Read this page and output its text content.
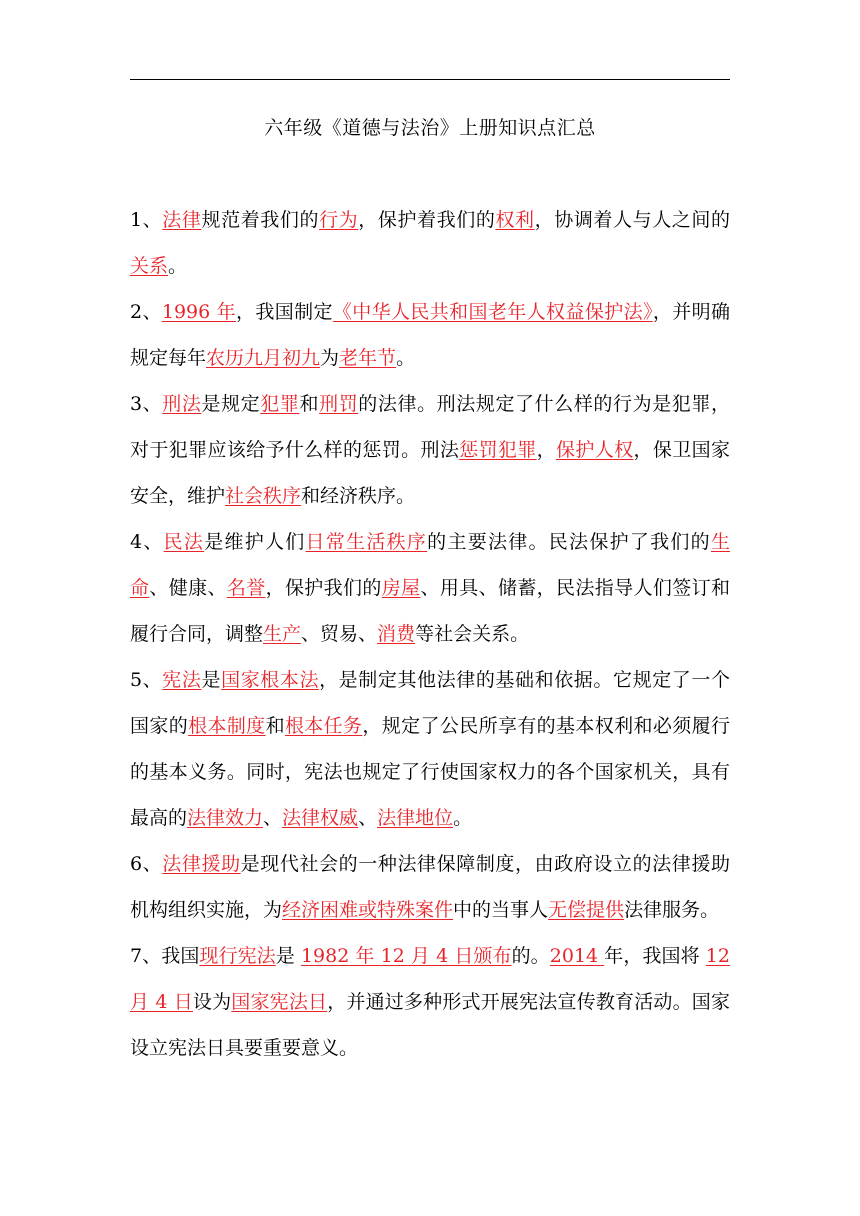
六年级《道德与法治》上册知识点汇总

1、法律规范着我们的行为，保护着我们的权利，协调着人与人之间的关系。

2、1996 年，我国制定《中华人民共和国老年人权益保护法》，并明确规定每年农历九月初九为老年节。

3、刑法是规定犯罪和刑罚的法律。刑法规定了什么样的行为是犯罪，对于犯罪应该给予什么样的惩罚。刑法惩罚犯罪，保护人权，保卫国家安全，维护社会秩序和经济秩序。

4、民法是维护人们日常生活秩序的主要法律。民法保护了我们的生命、健康、名誉，保护我们的房屋、用具、储蓄，民法指导人们签订和履行合同，调整生产、贸易、消费等社会关系。

5、宪法是国家根本法，是制定其他法律的基础和依据。它规定了一个国家的根本制度和根本任务，规定了公民所享有的基本权利和必须履行的基本义务。同时，宪法也规定了行使国家权力的各个国家机关，具有最高的法律效力、法律权威、法律地位。

6、法律援助是现代社会的一种法律保障制度，由政府设立的法律援助机构组织实施，为经济困难或特殊案件中的当事人无偿提供法律服务。

7、我国现行宪法是 1982 年 12 月 4 日颁布的。2014 年，我国将 12 月 4 日设为国家宪法日，并通过多种形式开展宪法宣传教育活动。国家设立宪法日具要重要意义。
